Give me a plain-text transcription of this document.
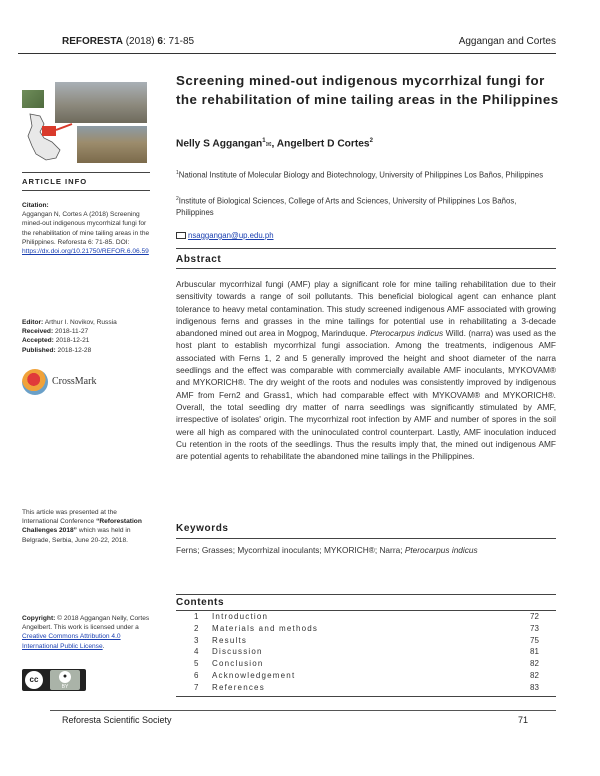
REFORESTA (2018) 6: 71-85	Aggangan and Cortes
ARTICLE INFO
Citation:
Aggangan N, Cortes A (2018) Screening mined-out indigenous mycorrhizal fungi for the rehabilitation of mine tailing areas in the Philippines. Reforesta 6: 71-85. DOI:
https://dx.doi.org/10.21750/REFOR.6.06.59
Editor: Arthur I. Novikov, Russia
Received: 2018-11-27
Accepted: 2018-12-21
Published: 2018-12-28
CrossMark
This article was presented at the International Conference “Reforestation Challenges 2018” which was held in Belgrade, Serbia, June 20-22, 2018.
Copyright: © 2018 Aggangan Nelly, Cortes Angelbert. This work is licensed under a Creative Commons Attribution 4.0 International Public License.
cc	●
BY
Screening mined-out indigenous mycorrhizal fungi for the rehabilitation of mine tailing areas in the Philippines
Nelly S Aggangan$^1$✉, Angelbert D Cortes$^2$
$^1$National Institute of Molecular Biology and Biotechnology, University of Philippines Los Baños, Philippines
$^2$Institute of Biological Sciences, College of Arts and Sciences, University of Philippines Los Baños, Philippines
nsaggangan@up.edu.ph
Abstract
Arbuscular mycorrhizal fungi (AMF) play a significant role for mine tailing rehabilitation due to their sensitivity towards a range of soil pollutants. This beneficial biological agent can enhance plant tolerance to heavy metal contamination. This study screened indigenous AMF associated with growing indigenous ferns and grasses in the mine tailings for potential use in rehabilitating a 3-decade abandoned mined out area in Mogpog, Marinduque. Pterocarpus indicus Willd. (narra) was used as the host plant to establish mycorrhizal fungi association. Among the treatments, indigenous AMF associated with Ferns 1, 2 and 5 generally improved the height and shoot diameter of the narra seedlings and the effect was comparable with commercially available AMF inoculants, MYKOVAM® and MYKORICH®. The dry weight of the roots and nodules was consistently improved by indigenous AMF from Fern2 and Grass1, which had comparable effect with MYKOVAM® and MYKORICH®. Overall, the total seedling dry matter of narra seedlings was significantly stimulated by AMF, irrespective of isolates' origin. The mycorrhizal root infection by AMF and number of spores in the soil were all high as compared with the uninoculated control counterpart. Lastly, AMF inoculation induced Cu retention in the roots of the seedlings. Thus the results imply that, the mined out indigenous AMF are potential agents to rehabilitate the abandoned mine tailings in the Philippines.
Keywords
Ferns; Grasses; Mycorrhizal inoculants; MYKORICH®; Narra; Pterocarpus indicus
Contents
1 Introduction	72
2 Materials and methods	73
3 Results	75
4 Discussion	81
5 Conclusion	82
6 Acknowledgement	82
7 References	83
Reforesta Scientific Society	71
